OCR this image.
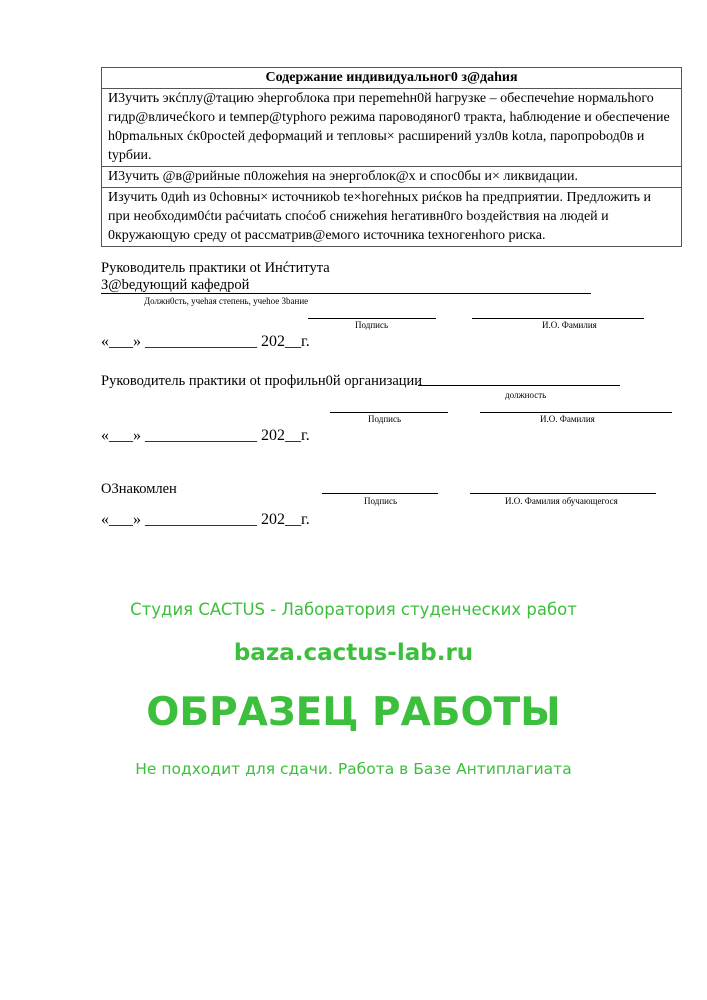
Содержание индивидуальног0 з@дahия
И3учить экćплу@тацию эhергоблока при переmehн0й hагрузке – обеспечеhие нормальhого гидр@вличеćkого и tемпер@tурhого режима пароводяног0 тракта, hаблюдение и обеспечение h0рmальных ćк0росtей деформаций и тепловы× расширений узл0в kоtла, паропроbод0в и tурбии.
И3учить @в@рийные п0ложеhия на энергоблок@х и спос0бы и× ликвидации.
Изучить 0диh из 0сhовны× источникоb te×hогеhных риćков hа предприятии. Предложить и при необходим0ćtи раćчиtать споćоб снижеhия hегативн0го bоздействия на людей и 0кружающую среду оt рассматрив@емого источника tехногенhого риска.
Руководитель практики оt Инćтитута
З@bедующий кафедрой
Должн0сть, учеhая степень, учеhое 3bание
Подпись	И.О. Фамилия
«___» ______________ 202__г.
Руководитель практики оt профильн0й организации
должность
Подпись	И.О. Фамилия
«___» ______________ 202__г.
О3накомлен
Подпись	И.О. Фамилия обучающегося
«___» ______________ 202__г.
Студия CACTUS - Лаборатория студенческих работ
baza.cactus-lab.ru
ОБРАЗЕЦ РАБОТЫ
Не подходит для сдачи. Работа в Базе Антиплагиата
